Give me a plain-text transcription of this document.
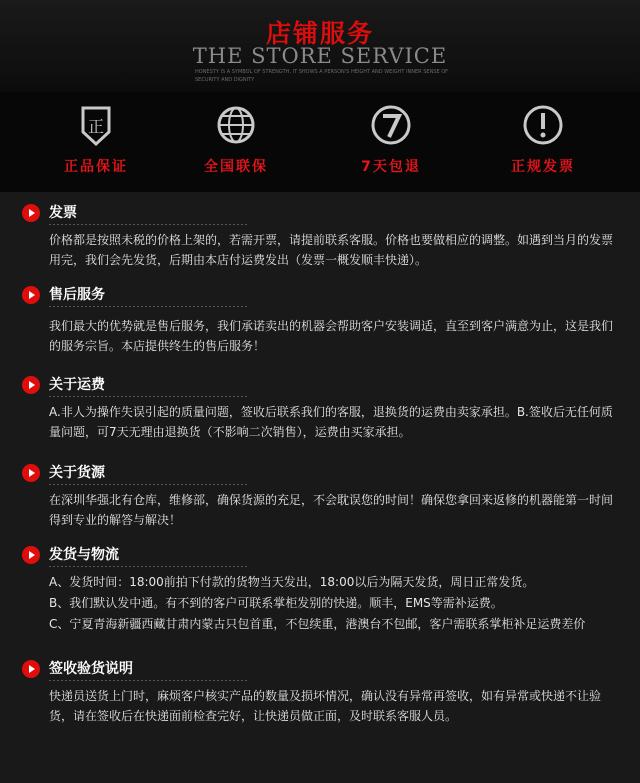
店铺服务
THE STORE SERVICE
HONESTY IS A SYMBOL OF STRENGTH, IT SHOWS A PERSON'S HEIGHT AND WEIGHT INNER SENSE OF SECURITY AND DIGNITY
正
正品保证	全国联保	7天包退	正规发票
发票

价格都是按照未税的价格上架的，若需开票，请提前联系客服。价格也要做相应的调整。如遇到当月的发票用完，我们会先发货，后期由本店付运费发出（发票一概发顺丰快递）。

售后服务

我们最大的优势就是售后服务，我们承诺卖出的机器会帮助客户安装调适，直至到客户满意为止，这是我们的服务宗旨。本店提供终生的售后服务！

关于运费

A.非人为操作失误引起的质量问题，签收后联系我们的客服，退换货的运费由卖家承担。B.签收后无任何质量问题，可7天无理由退换货（不影响二次销售），运费由买家承担。

关于货源

在深圳华强北有仓库，维修部，确保货源的充足，不会耽误您的时间！确保您拿回来返修的机器能第一时间得到专业的解答与解决！

发货与物流

A、发货时间：18:00前拍下付款的货物当天发出，18:00以后为隔天发货，周日正常发货。

B、我们默认发中通。有不到的客户可联系掌柜发别的快递。顺丰，EMS等需补运费。

C、宁夏青海新疆西藏甘肃内蒙古只包首重，不包续重，港澳台不包邮，客户需联系掌柜补足运费差价

签收验货说明

快递员送货上门时，麻烦客户核实产品的数量及损坏情况，确认没有异常再签收，如有异常或快递不让验货，请在签收后在快递面前检查完好，让快递员做正面，及时联系客服人员。
